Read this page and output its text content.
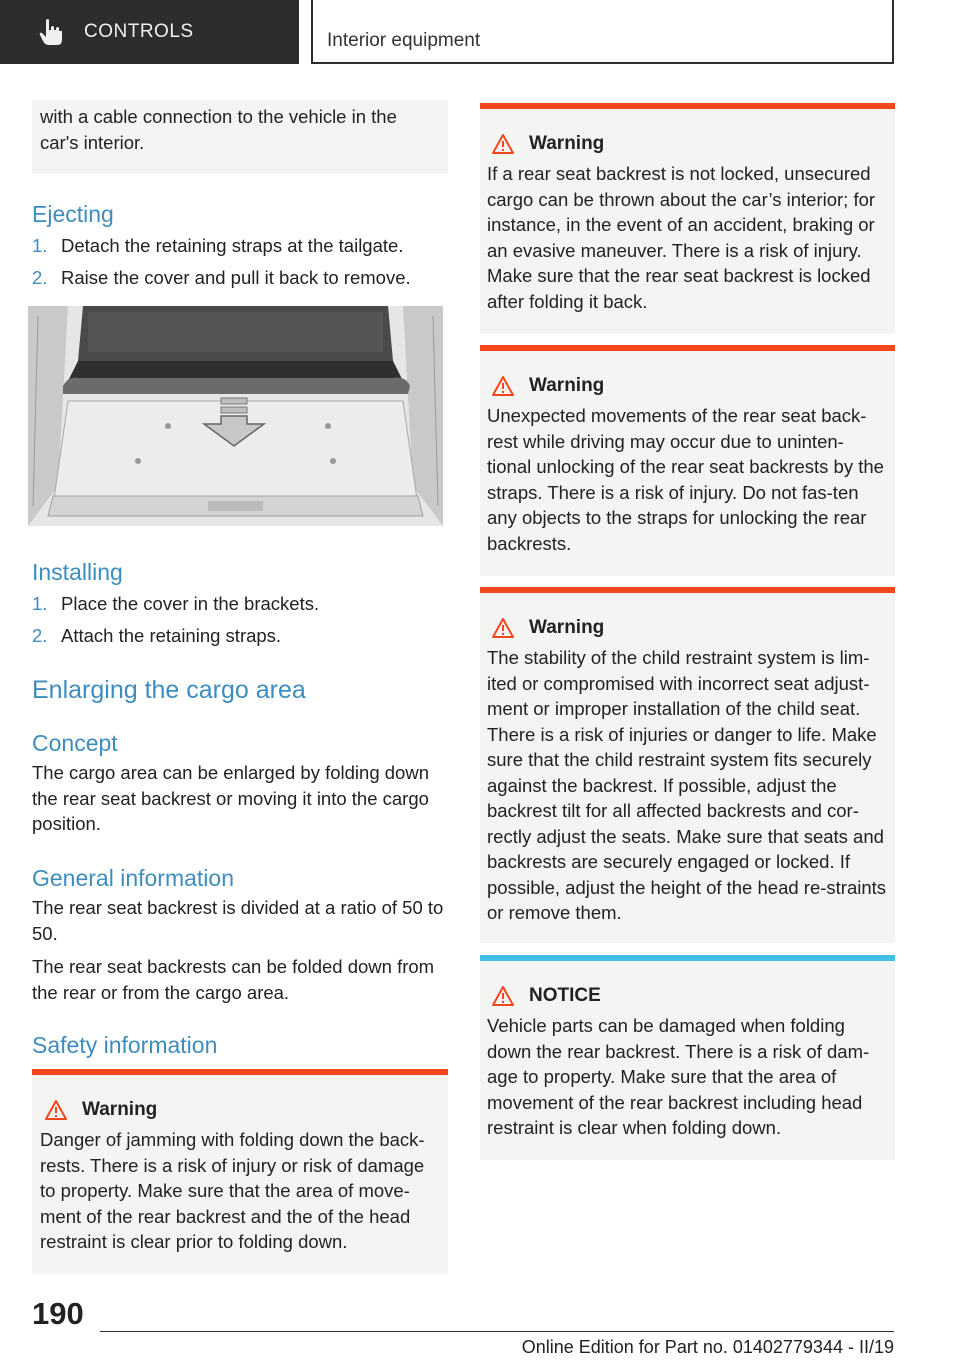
CONTROLS	Interior equipment

with a cable connection to the vehicle in the car's interior.

Ejecting
1. Detach the retaining straps at the tailgate.
2. Raise the cover and pull it back to remove.
Installing
1. Place the cover in the brackets.
2. Attach the retaining straps.
Enlarging the cargo area
Concept

The cargo area can be enlarged by folding down the rear seat backrest or moving it into the cargo position.

General information

The rear seat backrest is divided at a ratio of 50 to 50.

The rear seat backrests can be folded down from the rear or from the cargo area.

Safety information
Warning

Danger of jamming with folding down the back-rests. There is a risk of injury or risk of damage to property. Make sure that the area of move-ment of the rear backrest and the of the head restraint is clear prior to folding down.

Warning

If a rear seat backrest is not locked, unsecured cargo can be thrown about the car’s interior; for instance, in the event of an accident, braking or an evasive maneuver. There is a risk of injury. Make sure that the rear seat backrest is locked after folding it back.

Warning

Unexpected movements of the rear seat back-rest while driving may occur due to uninten-tional unlocking of the rear seat backrests by the straps. There is a risk of injury. Do not fas-ten any objects to the straps for unlocking the rear backrests.

Warning

The stability of the child restraint system is lim-ited or compromised with incorrect seat adjust-ment or improper installation of the child seat. There is a risk of injuries or danger to life. Make sure that the child restraint system fits securely against the backrest. If possible, adjust the backrest tilt for all affected backrests and cor-rectly adjust the seats. Make sure that seats and backrests are securely engaged or locked. If possible, adjust the height of the head re-straints or remove them.

NOTICE

Vehicle parts can be damaged when folding down the rear backrest. There is a risk of dam-age to property. Make sure that the area of movement of the rear backrest including head restraint is clear when folding down.

190
Online Edition for Part no. 01402779344 - II/19
